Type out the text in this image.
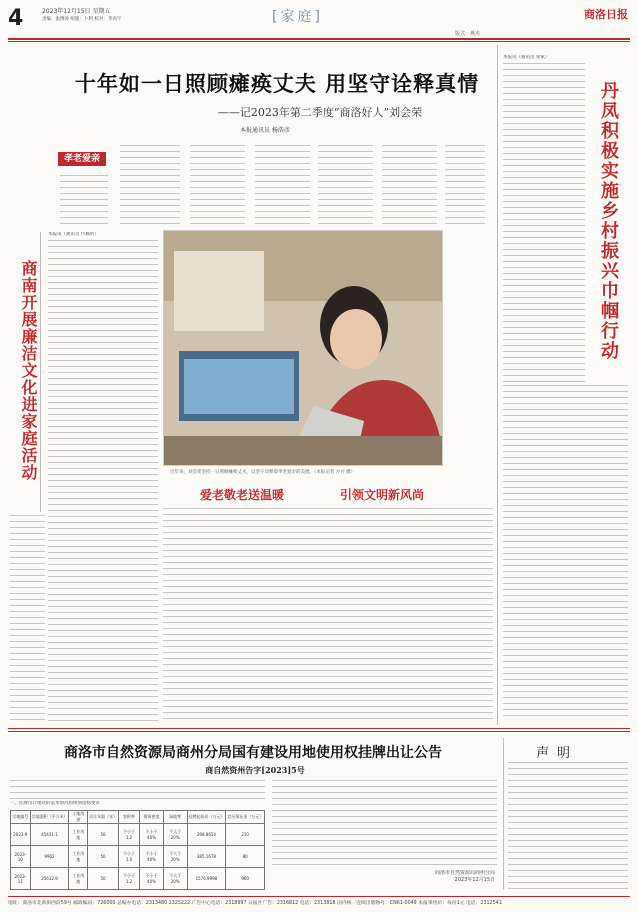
4	2023年12月15日 星期五
责编：张博涛 组版：卜利 校对：齐高宇	[家庭]	商洛日报
版式：燕杰
十年如一日照顾瘫痪丈夫 用坚守诠释真情
——记2023年第二季度“商洛好人”刘会荣
本报通讯员 杨浩彦
孝老爱亲
本报讯（通讯员 梁斌）
丹凤积极实施乡村振兴巾帼行动
商南开展廉洁文化进家庭活动
本报讯（通讯员 代楠昕）
近年来，刘会荣坚持一日照顾瘫痪丈夫，以坚守诠释着孝老爱亲的美德。（本报记者 方方 摄）
爱老敬老送温暖	引领文明新风尚
商洛市自然资源局商州分局国有建设用地使用权挂牌出让公告
商自然资州告字[2023]5号
一、挂牌出让地块的基本情况和规划指标要求
宗地编号	宗地面积（平方米）	土地用途	出让年限（年）	容积率	建筑密度	绿地率	挂牌起始价（万元）	竞买保证金（万元）
2023-9	45431.1	工业用地	50	不小于1.2	不小于40%	不大于20%	298.8654	210
2023-10	9902	工业用地	50	不小于1.0	不小于40%	不大于20%	385.1678	80
2023-11	25612.9	工业用地	50	不小于1.2	不小于40%	不大于20%	1576.9998	960
商洛市自然资源局商州分局
2023年12月15日
声明
地址：商洛市北新街西段59号 邮政编码：726000 总编办电话：2313480 2325222 广告中心电话：2318997 日报社广告：2316812 电话：2313818 国内统一连续出版物号：CN61-0049 本报零售价：每份1元 电话：2312541
